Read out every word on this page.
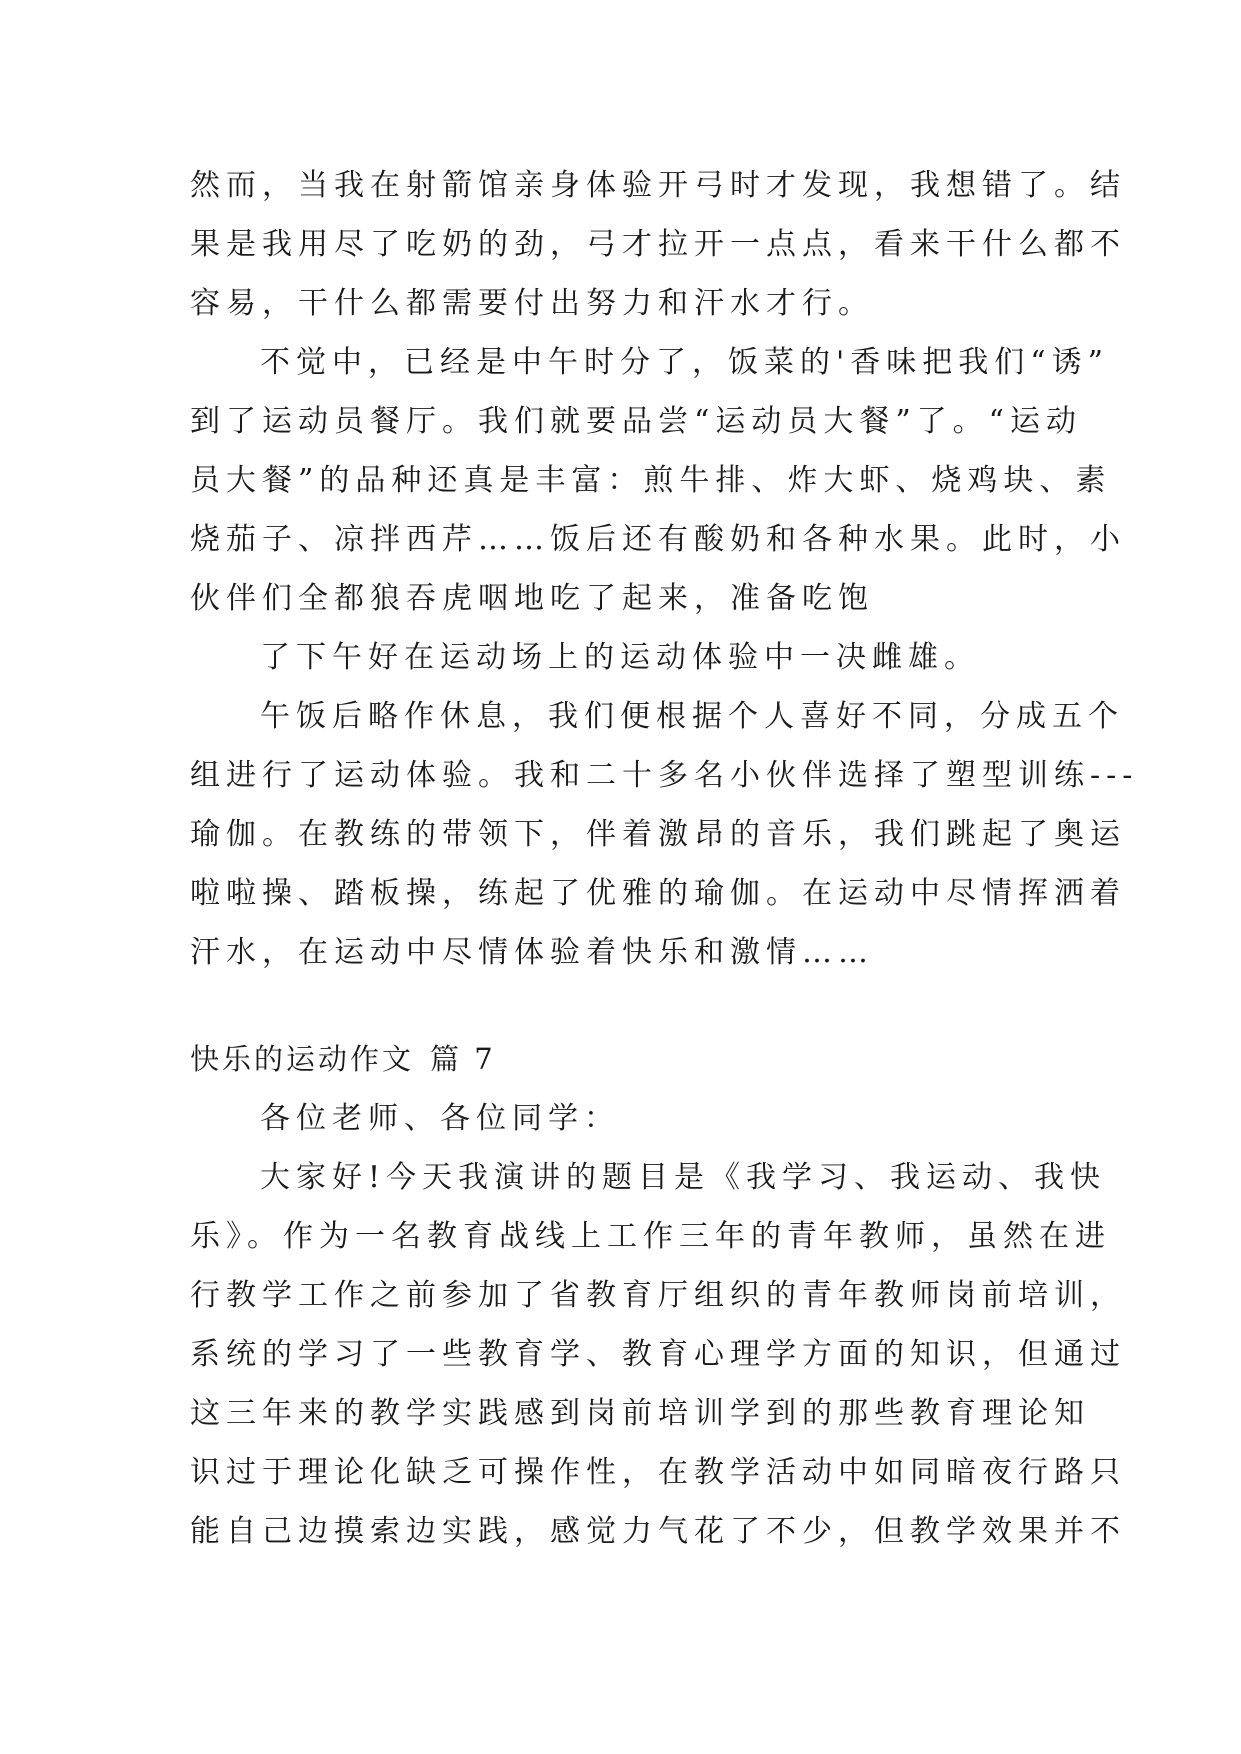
然而，当我在射箭馆亲身体验开弓时才发现，我想错了。结
果是我用尽了吃奶的劲，弓才拉开一点点，看来干什么都不
容易，干什么都需要付出努力和汗水才行。
不觉中，已经是中午时分了，饭菜的'香味把我们“诱”
到了运动员餐厅。我们就要品尝“运动员大餐”了。“运动
员大餐”的品种还真是丰富：煎牛排、炸大虾、烧鸡块、素
烧茄子、凉拌西芹……饭后还有酸奶和各种水果。此时，小
伙伴们全都狼吞虎咽地吃了起来，准备吃饱
了下午好在运动场上的运动体验中一决雌雄。
午饭后略作休息，我们便根据个人喜好不同，分成五个
组进行了运动体验。我和二十多名小伙伴选择了塑型训练---
瑜伽。在教练的带领下，伴着激昂的音乐，我们跳起了奥运
啦啦操、踏板操，练起了优雅的瑜伽。在运动中尽情挥洒着
汗水，在运动中尽情体验着快乐和激情……
快乐的运动作文 篇 7
各位老师、各位同学：
大家好!今天我演讲的题目是《我学习、我运动、我快
乐》。作为一名教育战线上工作三年的青年教师，虽然在进
行教学工作之前参加了省教育厅组织的青年教师岗前培训，
系统的学习了一些教育学、教育心理学方面的知识，但通过
这三年来的教学实践感到岗前培训学到的那些教育理论知
识过于理论化缺乏可操作性，在教学活动中如同暗夜行路只
能自己边摸索边实践，感觉力气花了不少，但教学效果并不
